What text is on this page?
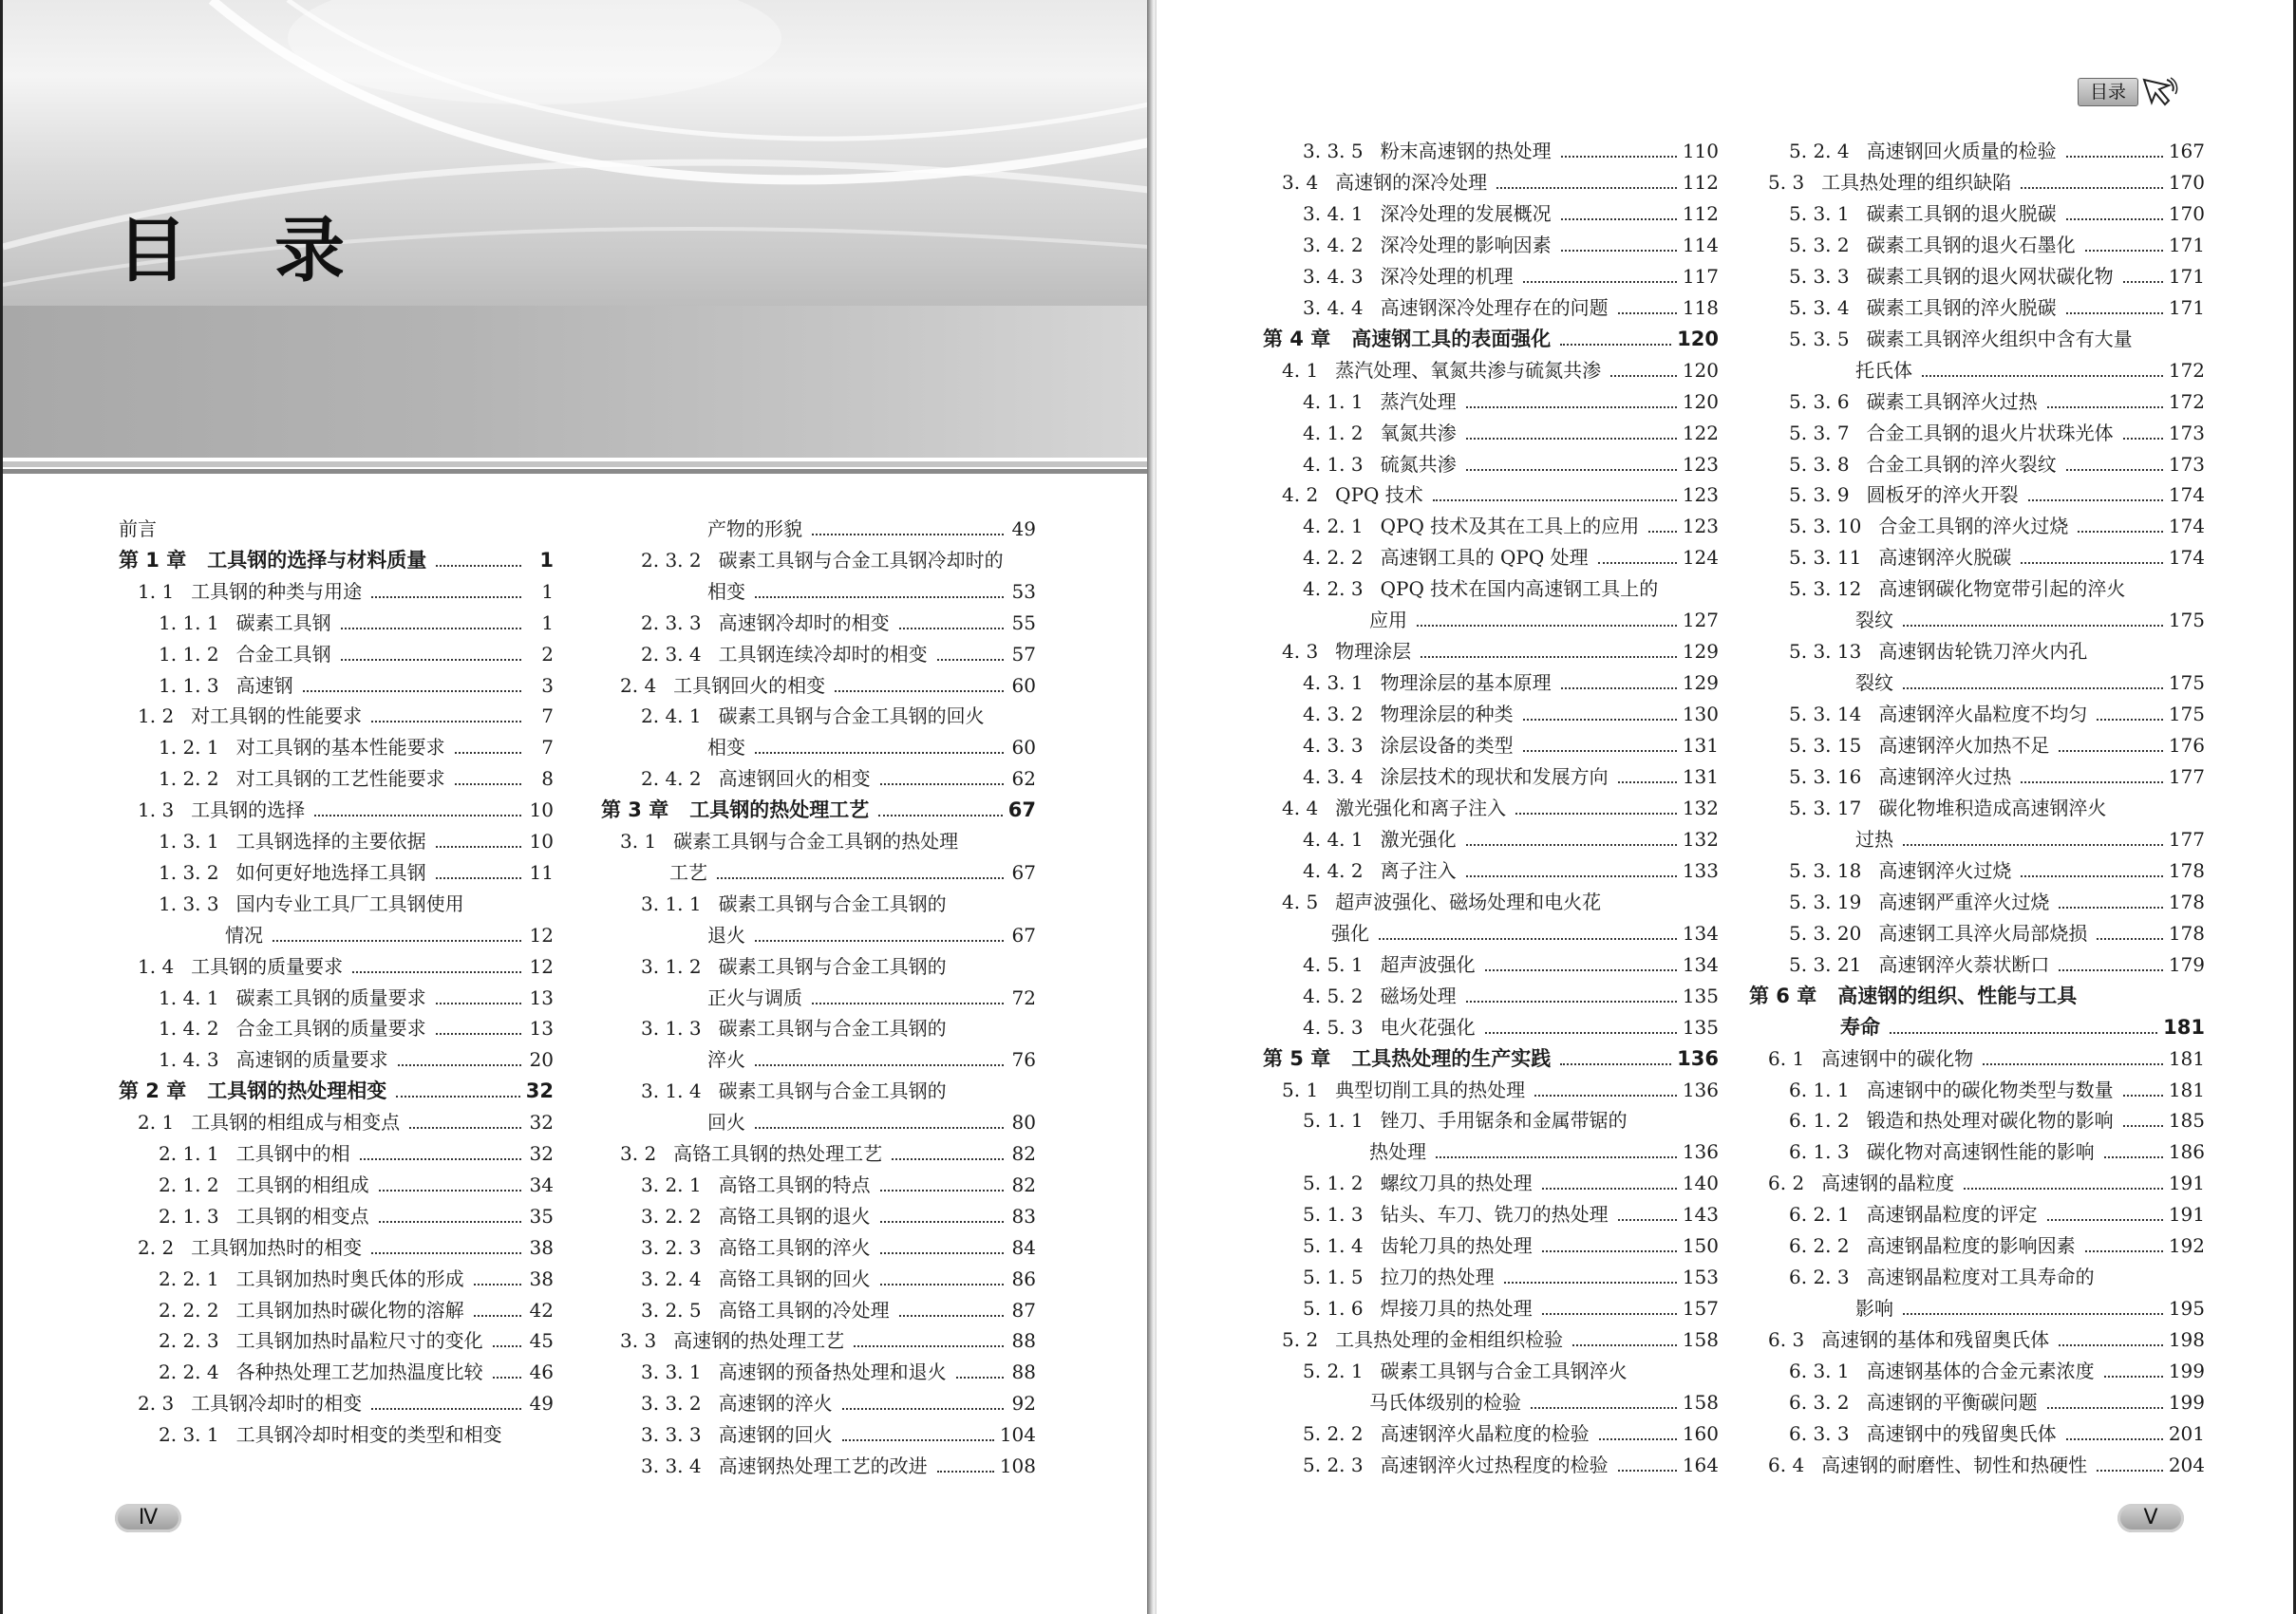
目录
前言
第 1 章 工具钢的选择与材料质量	1
1. 1 工具钢的种类与用途	1
1. 1. 1 碳素工具钢	1
1. 1. 2 合金工具钢	2
1. 1. 3 高速钢	3
1. 2 对工具钢的性能要求	7
1. 2. 1 对工具钢的基本性能要求	7
1. 2. 2 对工具钢的工艺性能要求	8
1. 3 工具钢的选择	10
1. 3. 1 工具钢选择的主要依据	10
1. 3. 2 如何更好地选择工具钢	11
1. 3. 3 国内专业工具厂工具钢使用
情况	12
1. 4 工具钢的质量要求	12
1. 4. 1 碳素工具钢的质量要求	13
1. 4. 2 合金工具钢的质量要求	13
1. 4. 3 高速钢的质量要求	20
第 2 章 工具钢的热处理相变	32
2. 1 工具钢的相组成与相变点	32
2. 1. 1 工具钢中的相	32
2. 1. 2 工具钢的相组成	34
2. 1. 3 工具钢的相变点	35
2. 2 工具钢加热时的相变	38
2. 2. 1 工具钢加热时奥氏体的形成	38
2. 2. 2 工具钢加热时碳化物的溶解	42
2. 2. 3 工具钢加热时晶粒尺寸的变化 45
2. 2. 4 各种热处理工艺加热温度比较 46
2. 3 工具钢冷却时的相变	49
2. 3. 1 工具钢冷却时相变的类型和相变
产物的形貌	49
2. 3. 2 碳素工具钢与合金工具钢冷却时的
相变	53
2. 3. 3 高速钢冷却时的相变	55
2. 3. 4 工具钢连续冷却时的相变	57
2. 4 工具钢回火的相变	60
2. 4. 1 碳素工具钢与合金工具钢的回火
相变	60
2. 4. 2 高速钢回火的相变	62
第 3 章 工具钢的热处理工艺	67
3. 1 碳素工具钢与合金工具钢的热处理
工艺	67
3. 1. 1 碳素工具钢与合金工具钢的
退火	67
3. 1. 2 碳素工具钢与合金工具钢的
正火与调质	72
3. 1. 3 碳素工具钢与合金工具钢的
淬火	76
3. 1. 4 碳素工具钢与合金工具钢的
回火	80
3. 2 高铬工具钢的热处理工艺	82
3. 2. 1 高铬工具钢的特点	82
3. 2. 2 高铬工具钢的退火	83
3. 2. 3 高铬工具钢的淬火	84
3. 2. 4 高铬工具钢的回火	86
3. 2. 5 高铬工具钢的冷处理	87
3. 3 高速钢的热处理工艺	88
3. 3. 1 高速钢的预备热处理和退火	88
3. 3. 2 高速钢的淬火	92
3. 3. 3 高速钢的回火	104
3. 3. 4 高速钢热处理工艺的改进	108
Ⅳ
目录
3. 3. 5 粉末高速钢的热处理	110
3. 4 高速钢的深冷处理	112
3. 4. 1 深冷处理的发展概况	112
3. 4. 2 深冷处理的影响因素	114
3. 4. 3 深冷处理的机理	117
3. 4. 4 高速钢深冷处理存在的问题	118
第 4 章 高速钢工具的表面强化	120
4. 1 蒸汽处理、氧氮共渗与硫氮共渗	120
4. 1. 1 蒸汽处理	120
4. 1. 2 氧氮共渗	122
4. 1. 3 硫氮共渗	123
4. 2 QPQ 技术	123
4. 2. 1 QPQ 技术及其在工具上的应用 123
4. 2. 2 高速钢工具的 QPQ 处理	124
4. 2. 3 QPQ 技术在国内高速钢工具上的
应用	127
4. 3 物理涂层	129
4. 3. 1 物理涂层的基本原理	129
4. 3. 2 物理涂层的种类	130
4. 3. 3 涂层设备的类型	131
4. 3. 4 涂层技术的现状和发展方向	131
4. 4 激光强化和离子注入	132
4. 4. 1 激光强化	132
4. 4. 2 离子注入	133
4. 5 超声波强化、磁场处理和电火花
强化	134
4. 5. 1 超声波强化	134
4. 5. 2 磁场处理	135
4. 5. 3 电火花强化	135
第 5 章 工具热处理的生产实践	136
5. 1 典型切削工具的热处理	136
5. 1. 1 锉刀、手用锯条和金属带锯的
热处理	136
5. 1. 2 螺纹刀具的热处理	140
5. 1. 3 钻头、车刀、铣刀的热处理	143
5. 1. 4 齿轮刀具的热处理	150
5. 1. 5 拉刀的热处理	153
5. 1. 6 焊接刀具的热处理	157
5. 2 工具热处理的金相组织检验	158
5. 2. 1 碳素工具钢与合金工具钢淬火
马氏体级别的检验	158
5. 2. 2 高速钢淬火晶粒度的检验	160
5. 2. 3 高速钢淬火过热程度的检验	164
5. 2. 4 高速钢回火质量的检验	167
5. 3 工具热处理的组织缺陷	170
5. 3. 1 碳素工具钢的退火脱碳	170
5. 3. 2 碳素工具钢的退火石墨化	171
5. 3. 3 碳素工具钢的退火网状碳化物	171
5. 3. 4 碳素工具钢的淬火脱碳	171
5. 3. 5 碳素工具钢淬火组织中含有大量
托氏体	172
5. 3. 6 碳素工具钢淬火过热	172
5. 3. 7 合金工具钢的退火片状珠光体	173
5. 3. 8 合金工具钢的淬火裂纹	173
5. 3. 9 圆板牙的淬火开裂	174
5. 3. 10 合金工具钢的淬火过烧	174
5. 3. 11 高速钢淬火脱碳	174
5. 3. 12 高速钢碳化物宽带引起的淬火
裂纹	175
5. 3. 13 高速钢齿轮铣刀淬火内孔
裂纹	175
5. 3. 14 高速钢淬火晶粒度不均匀	175
5. 3. 15 高速钢淬火加热不足	176
5. 3. 16 高速钢淬火过热	177
5. 3. 17 碳化物堆积造成高速钢淬火
过热	177
5. 3. 18 高速钢淬火过烧	178
5. 3. 19 高速钢严重淬火过烧	178
5. 3. 20 高速钢工具淬火局部烧损	178
5. 3. 21 高速钢淬火萘状断口	179
第 6 章 高速钢的组织、性能与工具
寿命	181
6. 1 高速钢中的碳化物	181
6. 1. 1 高速钢中的碳化物类型与数量	181
6. 1. 2 锻造和热处理对碳化物的影响	185
6. 1. 3 碳化物对高速钢性能的影响	186
6. 2 高速钢的晶粒度	191
6. 2. 1 高速钢晶粒度的评定	191
6. 2. 2 高速钢晶粒度的影响因素	192
6. 2. 3 高速钢晶粒度对工具寿命的
影响	195
6. 3 高速钢的基体和残留奥氏体	198
6. 3. 1 高速钢基体的合金元素浓度	199
6. 3. 2 高速钢的平衡碳问题	199
6. 3. 3 高速钢中的残留奥氏体	201
6. 4 高速钢的耐磨性、韧性和热硬性	204
Ⅴ
